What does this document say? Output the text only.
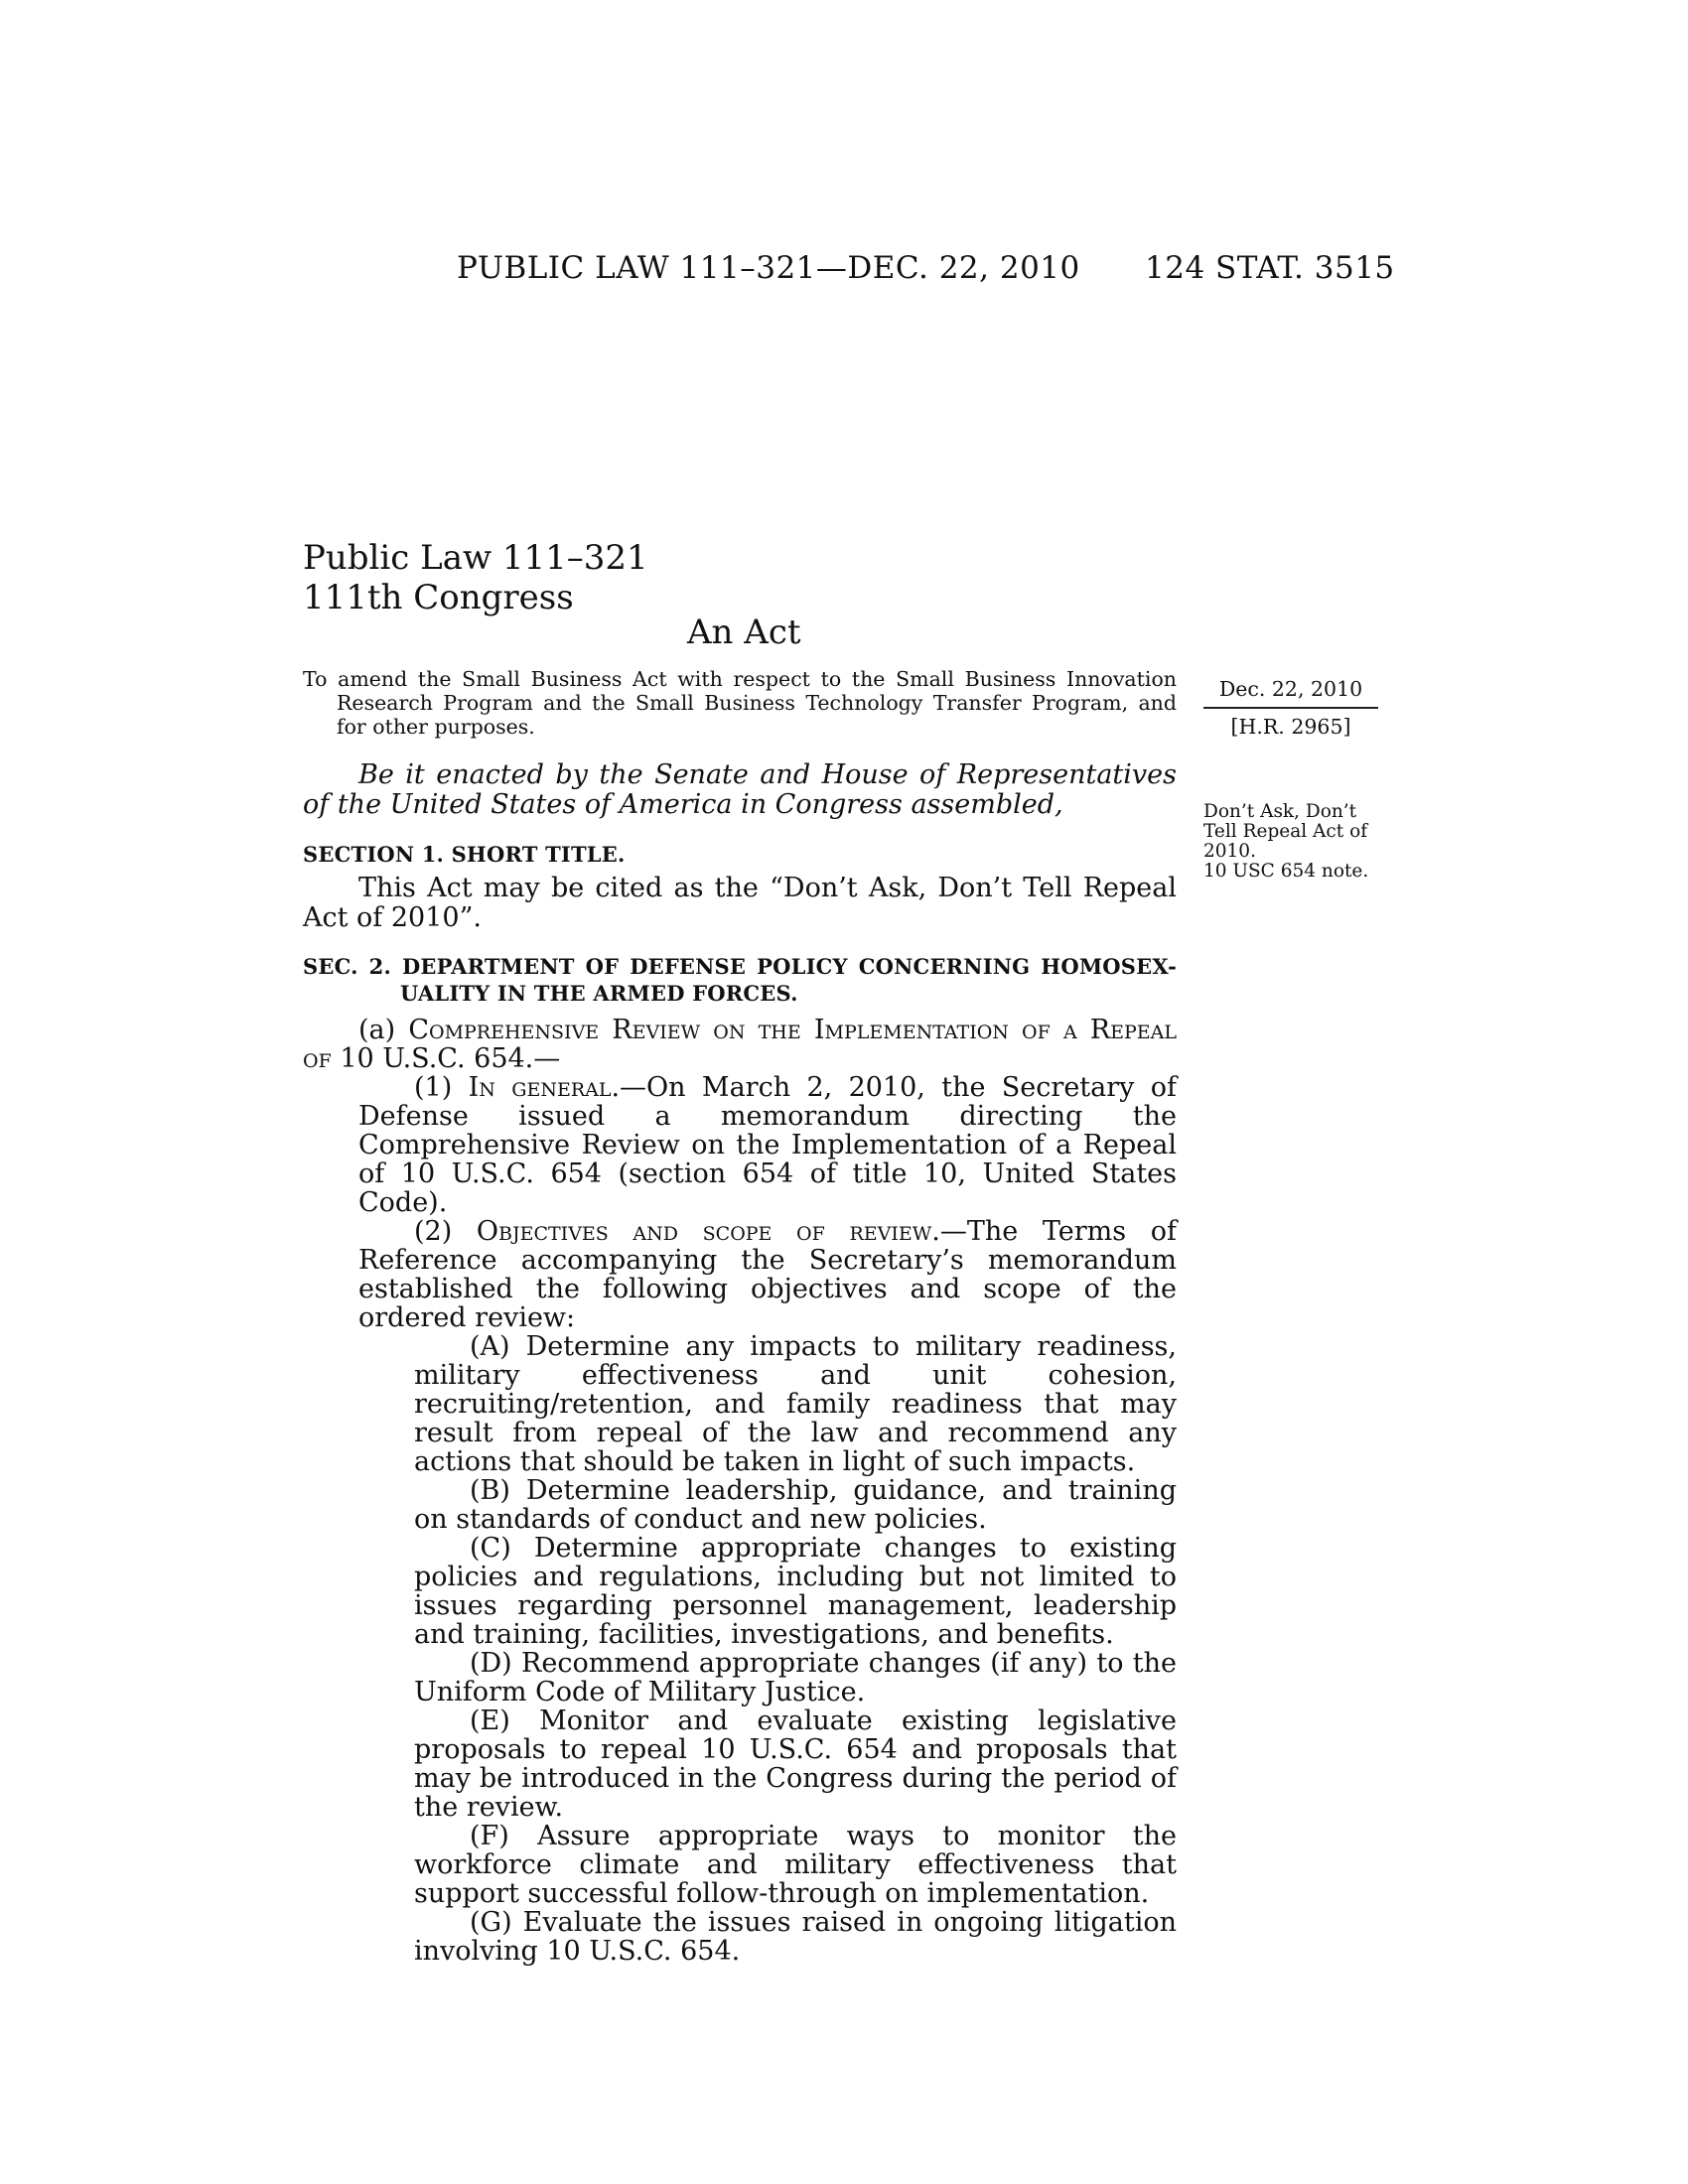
PUBLIC LAW 111–321—DEC. 22, 2010 124 STAT. 3515
Public Law 111–321
111th Congress
An Act
To amend the Small Business Act with respect to the Small Business Innovation Research Program and the Small Business Technology Transfer Program, and for other purposes.
Dec. 22, 2010
[H.R. 2965]
Don’t Ask, Don’t
Tell Repeal Act of
2010.
10 USC 654 note.
Be it enacted by the Senate and House of Representatives of the United States of America in Congress assembled,
SECTION 1. SHORT TITLE.
This Act may be cited as the “Don’t Ask, Don’t Tell Repeal Act of 2010”.
SEC. 2. DEPARTMENT OF DEFENSE POLICY CONCERNING HOMOSEX-
UALITY IN THE ARMED FORCES.
(a) Comprehensive Review on the Implementation of a Repeal of 10 U.S.C. 654.—
(1) In general.—On March 2, 2010, the Secretary of Defense issued a memorandum directing the Comprehensive Review on the Implementation of a Repeal of 10 U.S.C. 654 (section 654 of title 10, United States Code).
(2) Objectives and scope of review.—The Terms of Reference accompanying the Secretary’s memorandum established the following objectives and scope of the ordered review:
(A) Determine any impacts to military readiness, military effectiveness and unit cohesion, recruiting/retention, and family readiness that may result from repeal of the law and recommend any actions that should be taken in light of such impacts.
(B) Determine leadership, guidance, and training on standards of conduct and new policies.
(C) Determine appropriate changes to existing policies and regulations, including but not limited to issues regarding personnel management, leadership and training, facilities, investigations, and benefits.
(D) Recommend appropriate changes (if any) to the Uniform Code of Military Justice.
(E) Monitor and evaluate existing legislative proposals to repeal 10 U.S.C. 654 and proposals that may be introduced in the Congress during the period of the review.
(F) Assure appropriate ways to monitor the workforce climate and military effectiveness that support successful follow-through on implementation.
(G) Evaluate the issues raised in ongoing litigation involving 10 U.S.C. 654.
